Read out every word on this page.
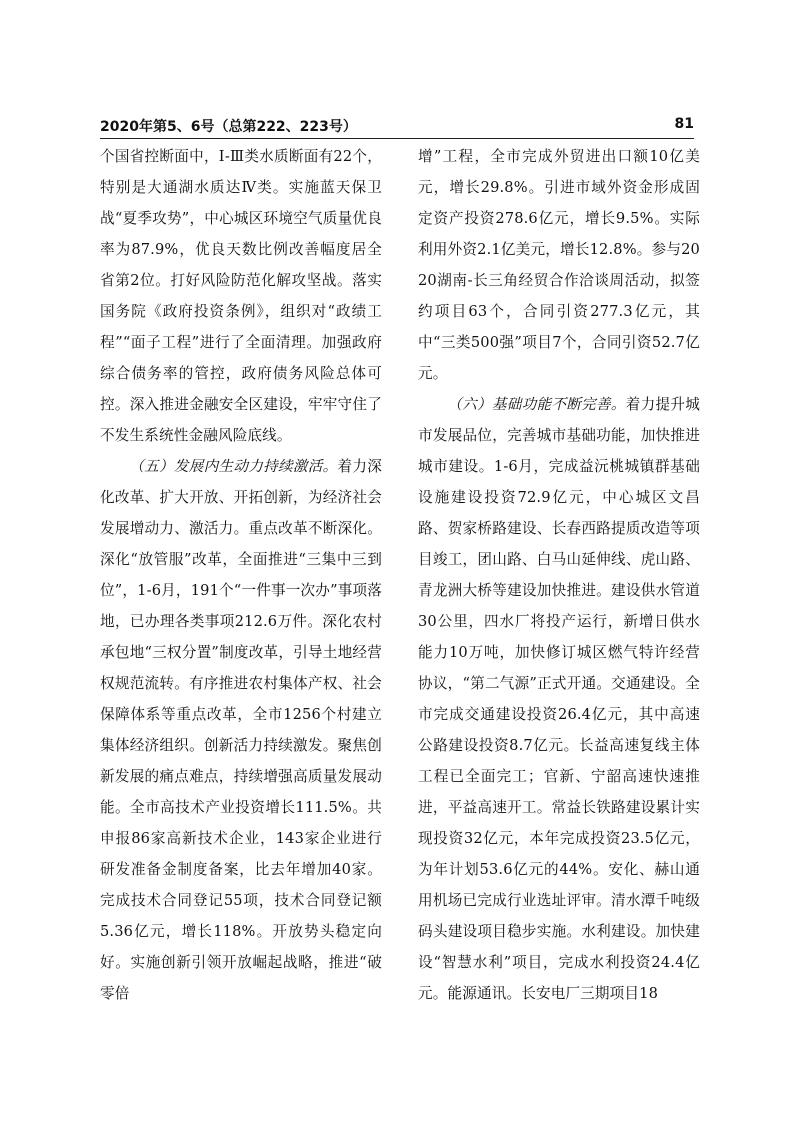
2020年第5、6号（总第222、223号）	81

个国省控断面中，Ⅰ-Ⅲ类水质断面有22个，特别是大通湖水质达Ⅳ类。实施蓝天保卫战“夏季攻势”，中心城区环境空气质量优良率为87.9%，优良天数比例改善幅度居全省第2位。打好风险防范化解攻坚战。落实国务院《政府投资条例》，组织对“政绩工程”“面子工程”进行了全面清理。加强政府综合债务率的管控，政府债务风险总体可控。深入推进金融安全区建设，牢牢守住了不发生系统性金融风险底线。

（五）发展内生动力持续激活。着力深化改革、扩大开放、开拓创新，为经济社会发展增动力、激活力。重点改革不断深化。深化“放管服”改革，全面推进“三集中三到位”，1-6月，191个“一件事一次办”事项落地，已办理各类事项212.6万件。深化农村承包地“三权分置”制度改革，引导土地经营权规范流转。有序推进农村集体产权、社会保障体系等重点改革，全市1256个村建立集体经济组织。创新活力持续激发。聚焦创新发展的痛点难点，持续增强高质量发展动能。全市高技术产业投资增长111.5%。共申报86家高新技术企业，143家企业进行研发准备金制度备案，比去年增加40家。完成技术合同登记55项，技术合同登记额5.36亿元，增长118%。开放势头稳定向好。实施创新引领开放崛起战略，推进“破零倍

增”工程，全市完成外贸进出口额10亿美元，增长29.8%。引进市域外资金形成固定资产投资278.6亿元，增长9.5%。实际利用外资2.1亿美元，增长12.8%。参与2020湖南-长三角经贸合作洽谈周活动，拟签约项目63个，合同引资277.3亿元，其中“三类500强”项目7个，合同引资52.7亿元。

（六）基础功能不断完善。着力提升城市发展品位，完善城市基础功能，加快推进城市建设。1-6月，完成益沅桃城镇群基础设施建设投资72.9亿元，中心城区文昌路、贺家桥路建设、长春西路提质改造等项目竣工，团山路、白马山延伸线、虎山路、青龙洲大桥等建设加快推进。建设供水管道30公里，四水厂将投产运行，新增日供水能力10万吨，加快修订城区燃气特许经营协议，“第二气源”正式开通。交通建设。全市完成交通建设投资26.4亿元，其中高速公路建设投资8.7亿元。长益高速复线主体工程已全面完工；官新、宁韶高速快速推进，平益高速开工。常益长铁路建设累计实现投资32亿元，本年完成投资23.5亿元，为年计划53.6亿元的44%。安化、赫山通用机场已完成行业选址评审。清水潭千吨级码头建设项目稳步实施。水利建设。加快建设“智慧水利”项目，完成水利投资24.4亿元。能源通讯。长安电厂三期项目18
